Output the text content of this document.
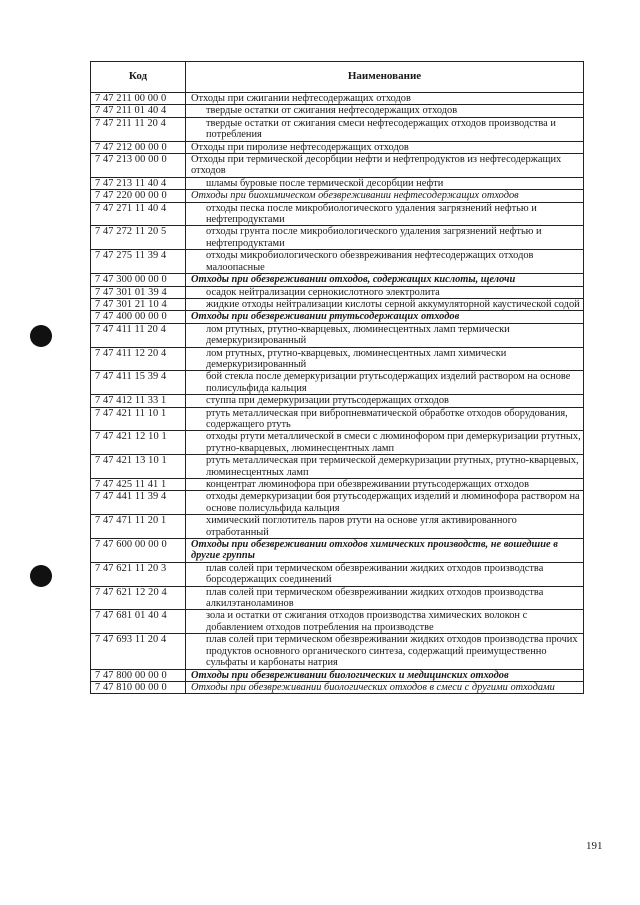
Код	Наименование
7 47 211 00 00 0	Отходы при сжигании нефтесодержащих отходов
7 47 211 01 40 4	твердые остатки от сжигания нефтесодержащих отходов
7 47 211 11 20 4	твердые остатки от сжигания смеси нефтесодержащих отходов производства и потребления
7 47 212 00 00 0	Отходы при пиролизе нефтесодержащих отходов
7 47 213 00 00 0	Отходы при термической десорбции нефти и нефтепродуктов из нефтесодержащих отходов
7 47 213 11 40 4	шламы буровые после термической десорбции нефти
7 47 220 00 00 0	Отходы при биохимическом обезвреживании нефтесодержащих отходов
7 47 271 11 40 4	отходы песка после микробиологического удаления загрязнений нефтью и нефтепродуктами
7 47 272 11 20 5	отходы грунта после микробиологического удаления загрязнений нефтью и нефтепродуктами
7 47 275 11 39 4	отходы микробиологического обезвреживания нефтесодержащих отходов малоопасные
7 47 300 00 00 0	Отходы при обезвреживании отходов, содержащих кислоты, щелочи
7 47 301 01 39 4	осадок нейтрализации сернокислотного электролита
7 47 301 21 10 4	жидкие отходы нейтрализации кислоты серной аккумуляторной каустической содой
7 47 400 00 00 0	Отходы при обезвреживании ртутьсодержащих отходов
7 47 411 11 20 4	лом ртутных, ртутно-кварцевых, люминесцентных ламп термически демеркуризированный
7 47 411 12 20 4	лом ртутных, ртутно-кварцевых, люминесцентных ламп химически демеркуризированный
7 47 411 15 39 4	бой стекла после демеркуризации ртутьсодержащих изделий раствором на основе полисульфида кальция
7 47 412 11 33 1	ступпа при демеркуризации ртутьсодержащих отходов
7 47 421 11 10 1	ртуть металлическая при вибропневматической обработке отходов оборудования, содержащего ртуть
7 47 421 12 10 1	отходы ртути металлической в смеси с люминофором при демеркуризации ртутных, ртутно-кварцевых, люминесцентных ламп
7 47 421 13 10 1	ртуть металлическая при термической демеркуризации ртутных, ртутно-кварцевых, люминесцентных ламп
7 47 425 11 41 1	концентрат люминофора при обезвреживании ртутьсодержащих отходов
7 47 441 11 39 4	отходы демеркуризации боя ртутьсодержащих изделий и люминофора раствором на основе полисульфида кальция
7 47 471 11 20 1	химический поглотитель паров ртути на основе угля активированного отработанный
7 47 600 00 00 0	Отходы при обезвреживании отходов химических производств, не вошедшие в другие группы
7 47 621 11 20 3	плав солей при термическом обезвреживании жидких отходов производства борсодержащих соединений
7 47 621 12 20 4	плав солей при термическом обезвреживании жидких отходов производства алкилэтаноламинов
7 47 681 01 40 4	зола и остатки от сжигания отходов производства химических волокон с добавлением отходов потребления на производстве
7 47 693 11 20 4	плав солей при термическом обезвреживании жидких отходов производства прочих продуктов основного органического синтеза, содержащий преимущественно сульфаты и карбонаты натрия
7 47 800 00 00 0	Отходы при обезвреживании биологических и медицинских отходов
7 47 810 00 00 0	Отходы при обезвреживании биологических отходов в смеси с другими отходами
191
